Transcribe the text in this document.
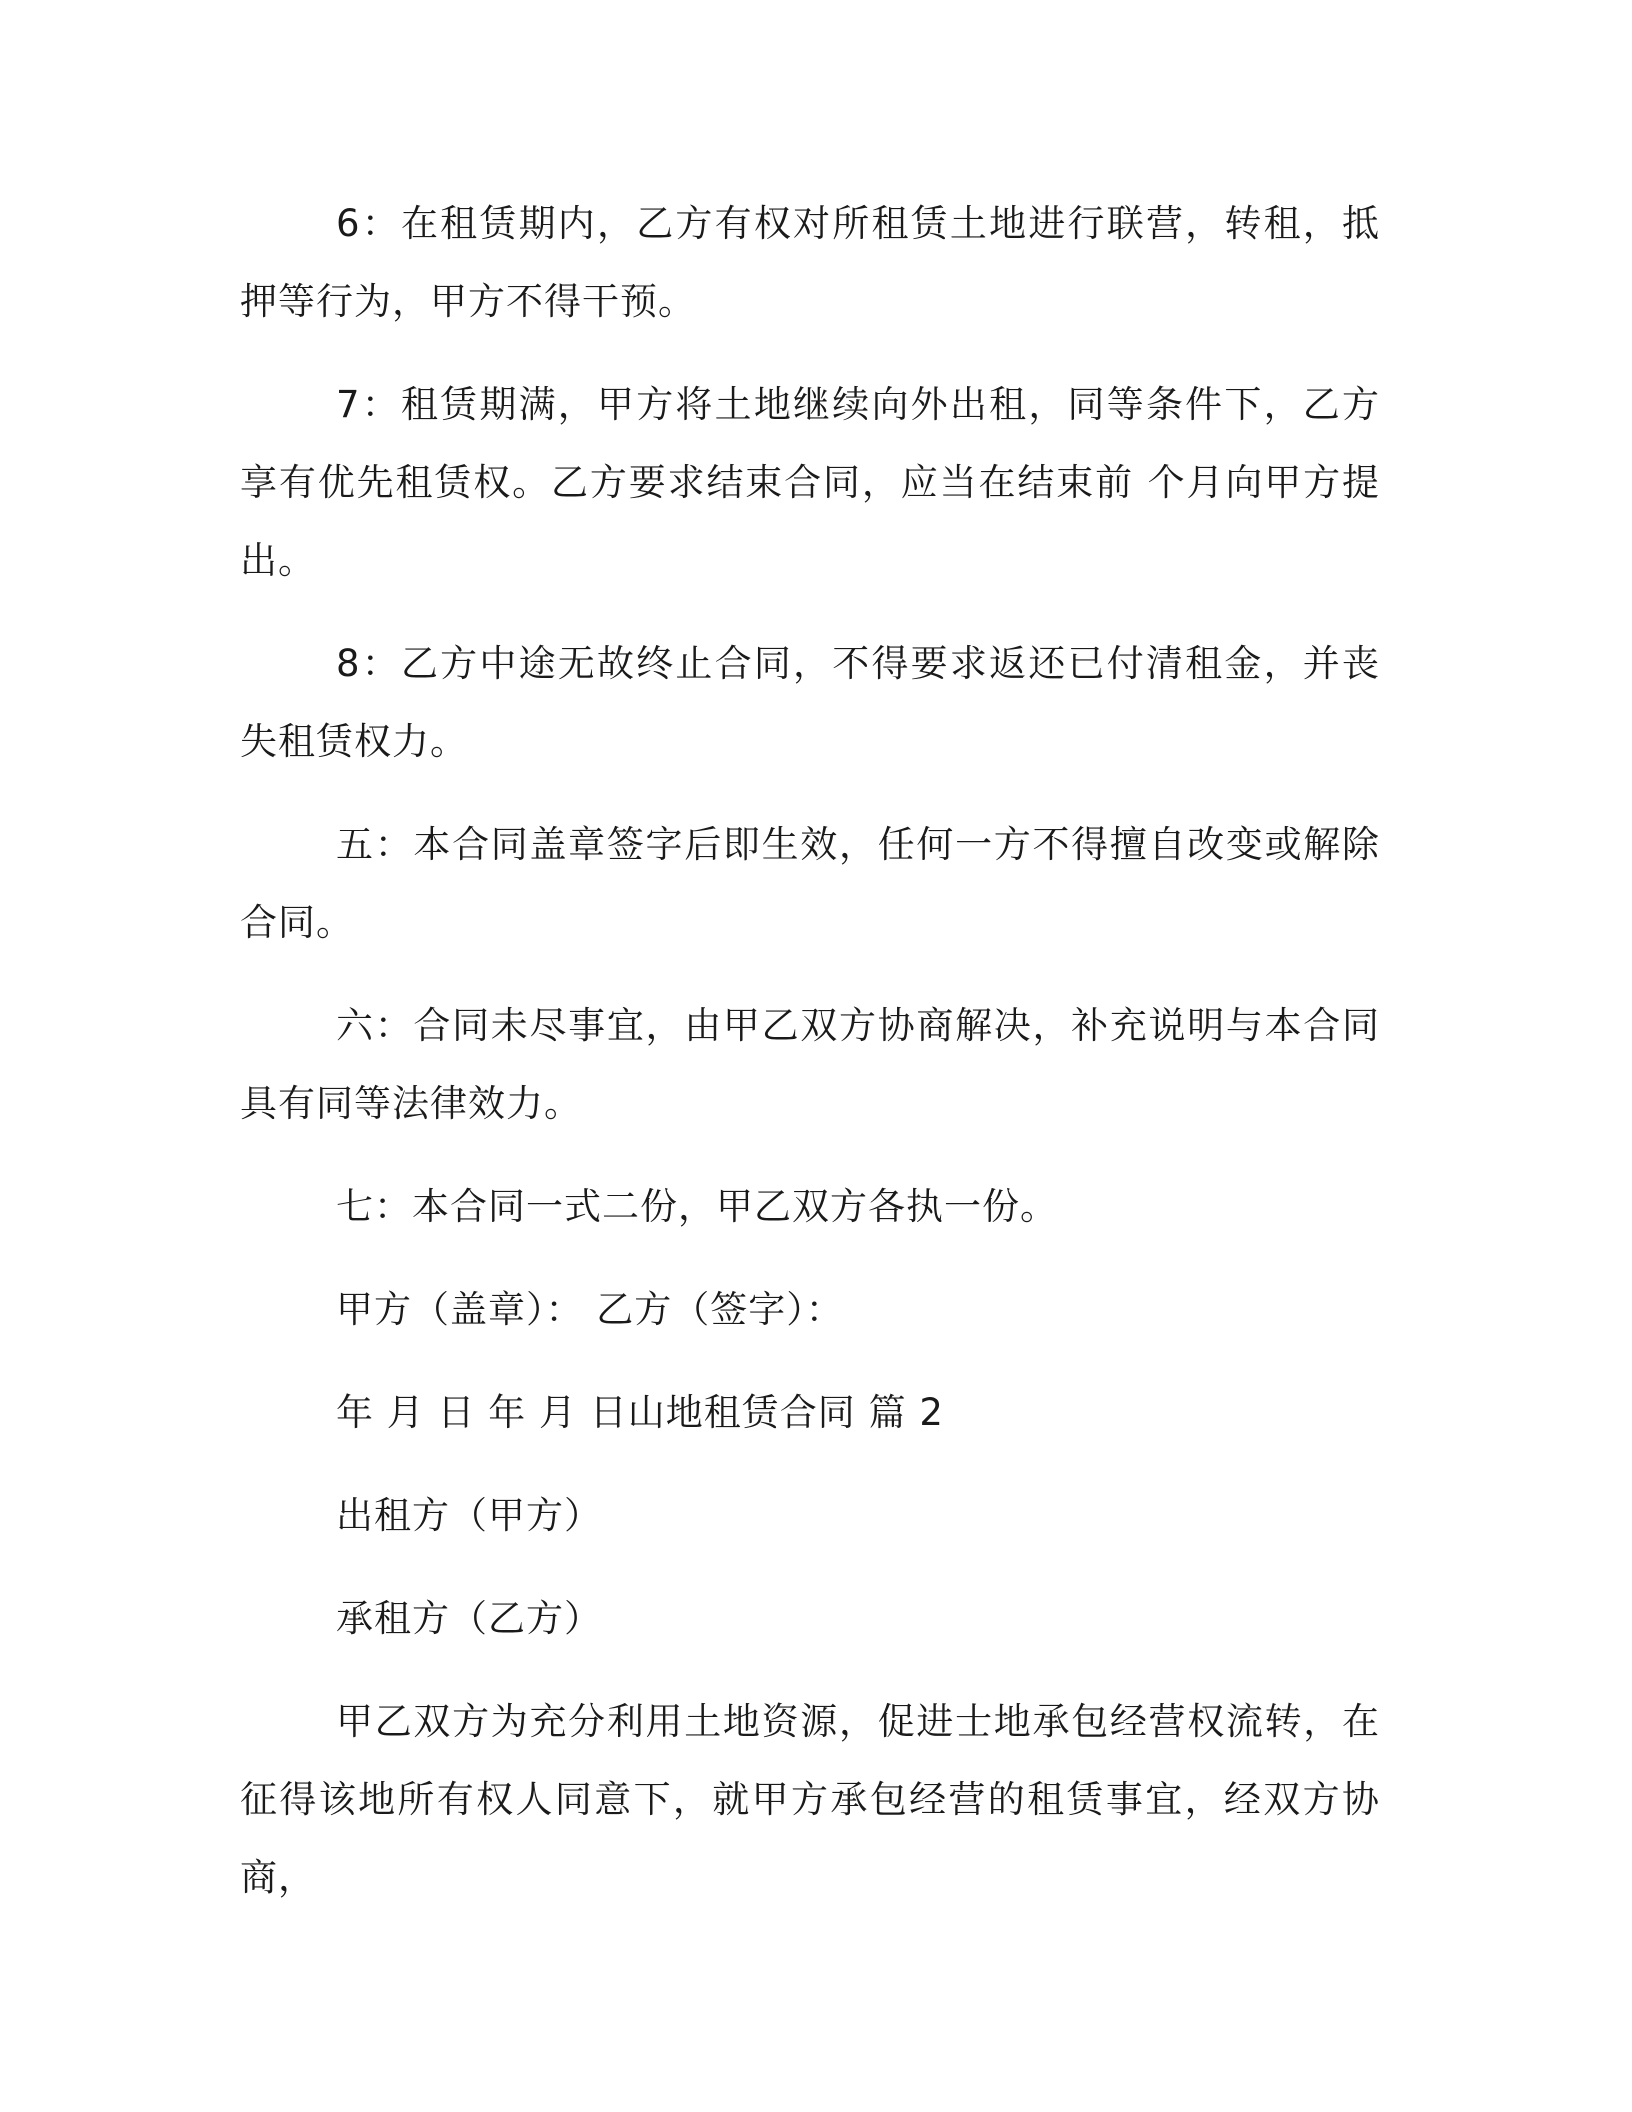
6：在租赁期内，乙方有权对所租赁土地进行联营，转租，抵押等行为，甲方不得干预。

7：租赁期满，甲方将土地继续向外出租，同等条件下，乙方享有优先租赁权。乙方要求结束合同，应当在结束前 个月向甲方提出。

8：乙方中途无故终止合同，不得要求返还已付清租金，并丧失租赁权力。

五：本合同盖章签字后即生效，任何一方不得擅自改变或解除合同。

六：合同未尽事宜，由甲乙双方协商解决，补充说明与本合同具有同等法律效力。

七：本合同一式二份，甲乙双方各执一份。

甲方（盖章）： 乙方（签字）：

年 月 日 年 月 日山地租赁合同 篇 2

出租方（甲方）

承租方（乙方）

甲乙双方为充分利用土地资源，促进士地承包经营权流转，在征得该地所有权人同意下，就甲方承包经营的租赁事宜，经双方协商，
